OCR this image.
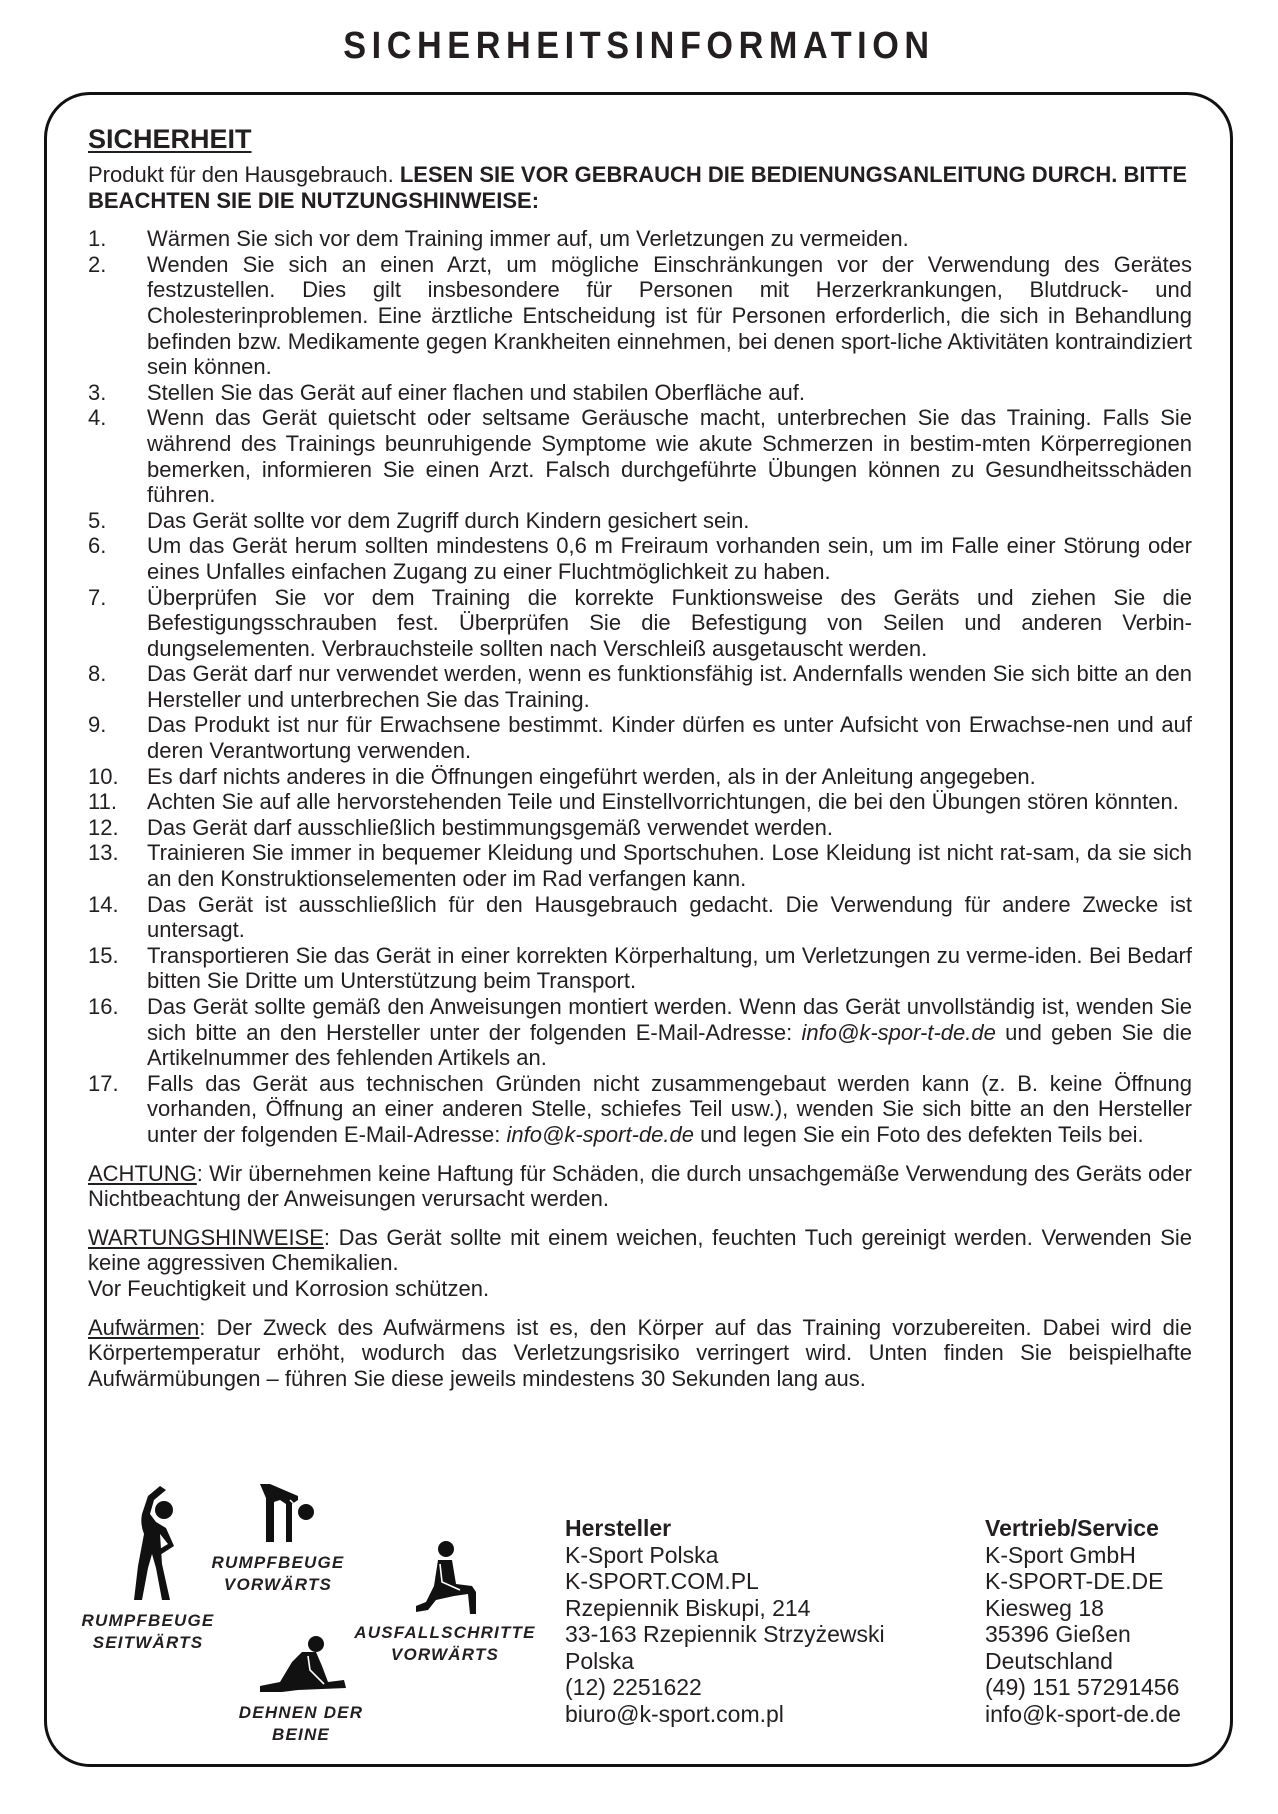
SICHERHEITSINFORMATION
SICHERHEIT
Produkt für den Hausgebrauch. LESEN SIE VOR GEBRAUCH DIE BEDIENUNGSANLEITUNG DURCH. BITTE BEACHTEN SIE DIE NUTZUNGSHINWEISE:
1. Wärmen Sie sich vor dem Training immer auf, um Verletzungen zu vermeiden.
2. Wenden Sie sich an einen Arzt, um mögliche Einschränkungen vor der Verwendung des Gerätes festzustellen. Dies gilt insbesondere für Personen mit Herzerkrankungen, Blutdruck- und Cholesterinproblemen. Eine ärztliche Entscheidung ist für Personen erforderlich, die sich in Behandlung befinden bzw. Medikamente gegen Krankheiten einnehmen, bei denen sport-liche Aktivitäten kontraindiziert sein können.
3. Stellen Sie das Gerät auf einer flachen und stabilen Oberfläche auf.
4. Wenn das Gerät quietscht oder seltsame Geräusche macht, unterbrechen Sie das Training. Falls Sie während des Trainings beunruhigende Symptome wie akute Schmerzen in bestim-mten Körperregionen bemerken, informieren Sie einen Arzt. Falsch durchgeführte Übungen können zu Gesundheitsschäden führen.
5. Das Gerät sollte vor dem Zugriff durch Kindern gesichert sein.
6. Um das Gerät herum sollten mindestens 0,6 m Freiraum vorhanden sein, um im Falle einer Störung oder eines Unfalles einfachen Zugang zu einer Fluchtmöglichkeit zu haben.
7. Überprüfen Sie vor dem Training die korrekte Funktionsweise des Geräts und ziehen Sie die Befestigungsschrauben fest. Überprüfen Sie die Befestigung von Seilen und anderen Verbin-dungselementen. Verbrauchsteile sollten nach Verschleiß ausgetauscht werden.
8. Das Gerät darf nur verwendet werden, wenn es funktionsfähig ist. Andernfalls wenden Sie sich bitte an den Hersteller und unterbrechen Sie das Training.
9. Das Produkt ist nur für Erwachsene bestimmt. Kinder dürfen es unter Aufsicht von Erwachse-nen und auf deren Verantwortung verwenden.
10. Es darf nichts anderes in die Öffnungen eingeführt werden, als in der Anleitung angegeben.
11. Achten Sie auf alle hervorstehenden Teile und Einstellvorrichtungen, die bei den Übungen stören könnten.
12. Das Gerät darf ausschließlich bestimmungsgemäß verwendet werden.
13. Trainieren Sie immer in bequemer Kleidung und Sportschuhen. Lose Kleidung ist nicht rat-sam, da sie sich an den Konstruktionselementen oder im Rad verfangen kann.
14. Das Gerät ist ausschließlich für den Hausgebrauch gedacht. Die Verwendung für andere Zwecke ist untersagt.
15. Transportieren Sie das Gerät in einer korrekten Körperhaltung, um Verletzungen zu verme-iden. Bei Bedarf bitten Sie Dritte um Unterstützung beim Transport.
16. Das Gerät sollte gemäß den Anweisungen montiert werden. Wenn das Gerät unvollständig ist, wenden Sie sich bitte an den Hersteller unter der folgenden E-Mail-Adresse: info@k-spor-t-de.de und geben Sie die Artikelnummer des fehlenden Artikels an.
17. Falls das Gerät aus technischen Gründen nicht zusammengebaut werden kann (z. B. keine Öffnung vorhanden, Öffnung an einer anderen Stelle, schiefes Teil usw.), wenden Sie sich bitte an den Hersteller unter der folgenden E-Mail-Adresse: info@k-sport-de.de und legen Sie ein Foto des defekten Teils bei.
ACHTUNG: Wir übernehmen keine Haftung für Schäden, die durch unsachgemäße Verwendung des Geräts oder Nichtbeachtung der Anweisungen verursacht werden.
WARTUNGSHINWEISE: Das Gerät sollte mit einem weichen, feuchten Tuch gereinigt werden. Verwenden Sie keine aggressiven Chemikalien.
Vor Feuchtigkeit und Korrosion schützen.
Aufwärmen: Der Zweck des Aufwärmens ist es, den Körper auf das Training vorzubereiten. Dabei wird die Körpertemperatur erhöht, wodurch das Verletzungsrisiko verringert wird. Unten finden Sie beispielhafte Aufwärmübungen – führen Sie diese jeweils mindestens 30 Sekunden lang aus.
RUMPFBEUGE
SEITWÄRTS
RUMPFBEUGE
VORWÄRTS
AUSFALLSCHRITTE
VORWÄRTS
DEHNEN DER
BEINE
Hersteller
K-Sport Polska
K-SPORT.COM.PL
Rzepiennik Biskupi, 214
33-163 Rzepiennik Strzyżewski
Polska
(12) 2251622
biuro@k-sport.com.pl
Vertrieb/Service
K-Sport GmbH
K-SPORT-DE.DE
Kiesweg 18
35396 Gießen
Deutschland
(49) 151 57291456
info@k-sport-de.de
